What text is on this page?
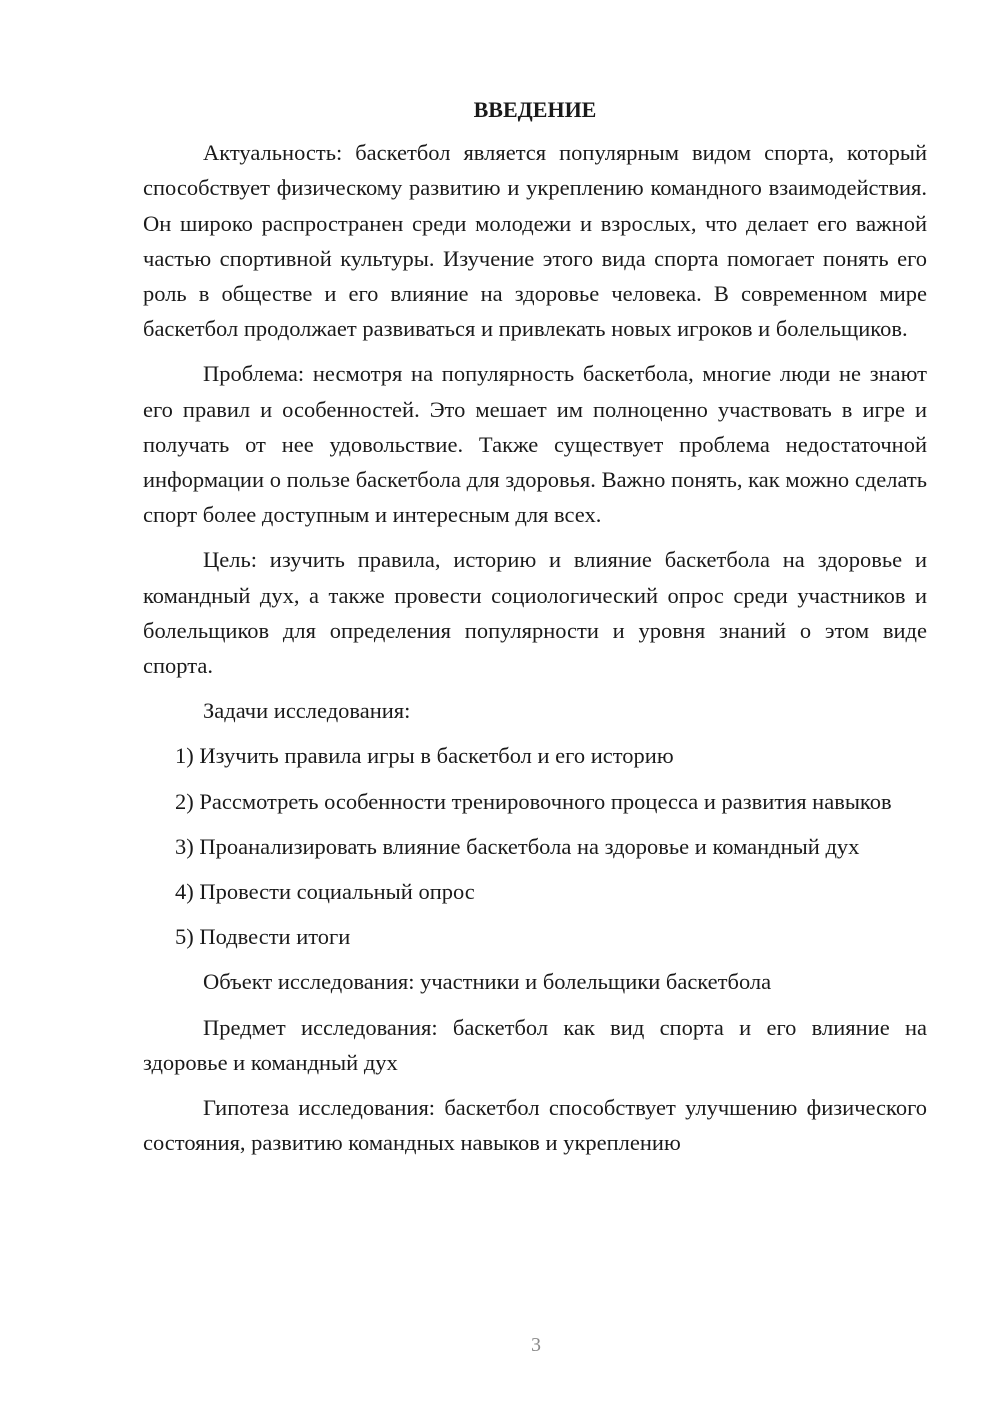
ВВЕДЕНИЕ

Актуальность: баскетбол является популярным видом спорта, который способствует физическому развитию и укреплению командного взаимодействия. Он широко распространен среди молодежи и взрослых, что делает его важной частью спортивной культуры. Изучение этого вида спорта помогает понять его роль в обществе и его влияние на здоровье человека. В современном мире баскетбол продолжает развиваться и привлекать новых игроков и болельщиков.

Проблема: несмотря на популярность баскетбола, многие люди не знают его правил и особенностей. Это мешает им полноценно участвовать в игре и получать от нее удовольствие. Также существует проблема недостаточной информации о пользе баскетбола для здоровья. Важно понять, как можно сделать спорт более доступным и интересным для всех.

Цель: изучить правила, историю и влияние баскетбола на здоровье и командный дух, а также провести социологический опрос среди участников и болельщиков для определения популярности и уровня знаний о этом виде спорта.

Задачи исследования:

1) Изучить правила игры в баскетбол и его историю

2) Рассмотреть особенности тренировочного процесса и развития навыков

3) Проанализировать влияние баскетбола на здоровье и командный дух

4) Провести социальный опрос

5) Подвести итоги

Объект исследования: участники и болельщики баскетбола

Предмет исследования: баскетбол как вид спорта и его влияние на здоровье и командный дух

Гипотеза исследования: баскетбол способствует улучшению физического состояния, развитию командных навыков и укреплению

3
